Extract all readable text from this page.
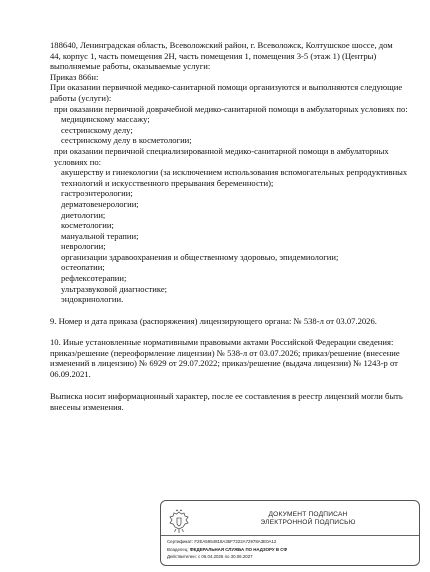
188640, Ленинградская область, Всеволожский район, г. Всеволожск, Колтушское шоссе, дом
44, корпус 1, часть помещения 2Н, часть помещения 1, помещения 3-5 (этаж 1) (Центры)
выполняемые работы, оказываемые услуги:
Приказ 866н:
При оказании первичной медико-санитарной помощи организуются и выполняются следующие работы (услуги):
при оказании первичной доврачебной медико-санитарной помощи в амбулаторных условиях по:
медицинскому массажу;
сестринскому делу;
сестринскому делу в косметологии;
при оказании первичной специализированной медико-санитарной помощи в амбулаторных условиях по:
акушерству и гинекологии (за исключением использования вспомогательных репродуктивных технологий и искусственного прерывания беременности);
гастроэнтерологии;
дерматовенерологии;
диетологии;
косметологии;
мануальной терапии;
неврологии;
организации здравоохранения и общественному здоровью, эпидемиологии;
остеопатии;
рефлексотерапии;
ультразвуковой диагностике;
эндокринологии.
9. Номер и дата приказа (распоряжения) лицензирующего органа: № 538-л от 03.07.2026.
10. Иные установленные нормативными правовыми актами Российской Федерации сведения: приказ/решение (переоформление лицензии) № 538-л от 03.07.2026; приказ/решение (внесение изменений в лицензию) № 6929 от 29.07.2022; приказ/решение (выдача лицензии) № 1243-р от 06.09.2021.
Выписка носит информационный характер, после ее составления в реестр лицензий могли быть внесены изменения.
ДОКУМЕНТ ПОДПИСАН
ЭЛЕКТРОННОЙ ПОДПИСЬЮ
Сертификат: F2EA5954818A35F7222A72978A3E0A12
Владелец: ФЕДЕРАЛЬНАЯ СЛУЖБА ПО НАДЗОРУ В СФ
Действителен: с 06.04.2026 по 30.06.2027
